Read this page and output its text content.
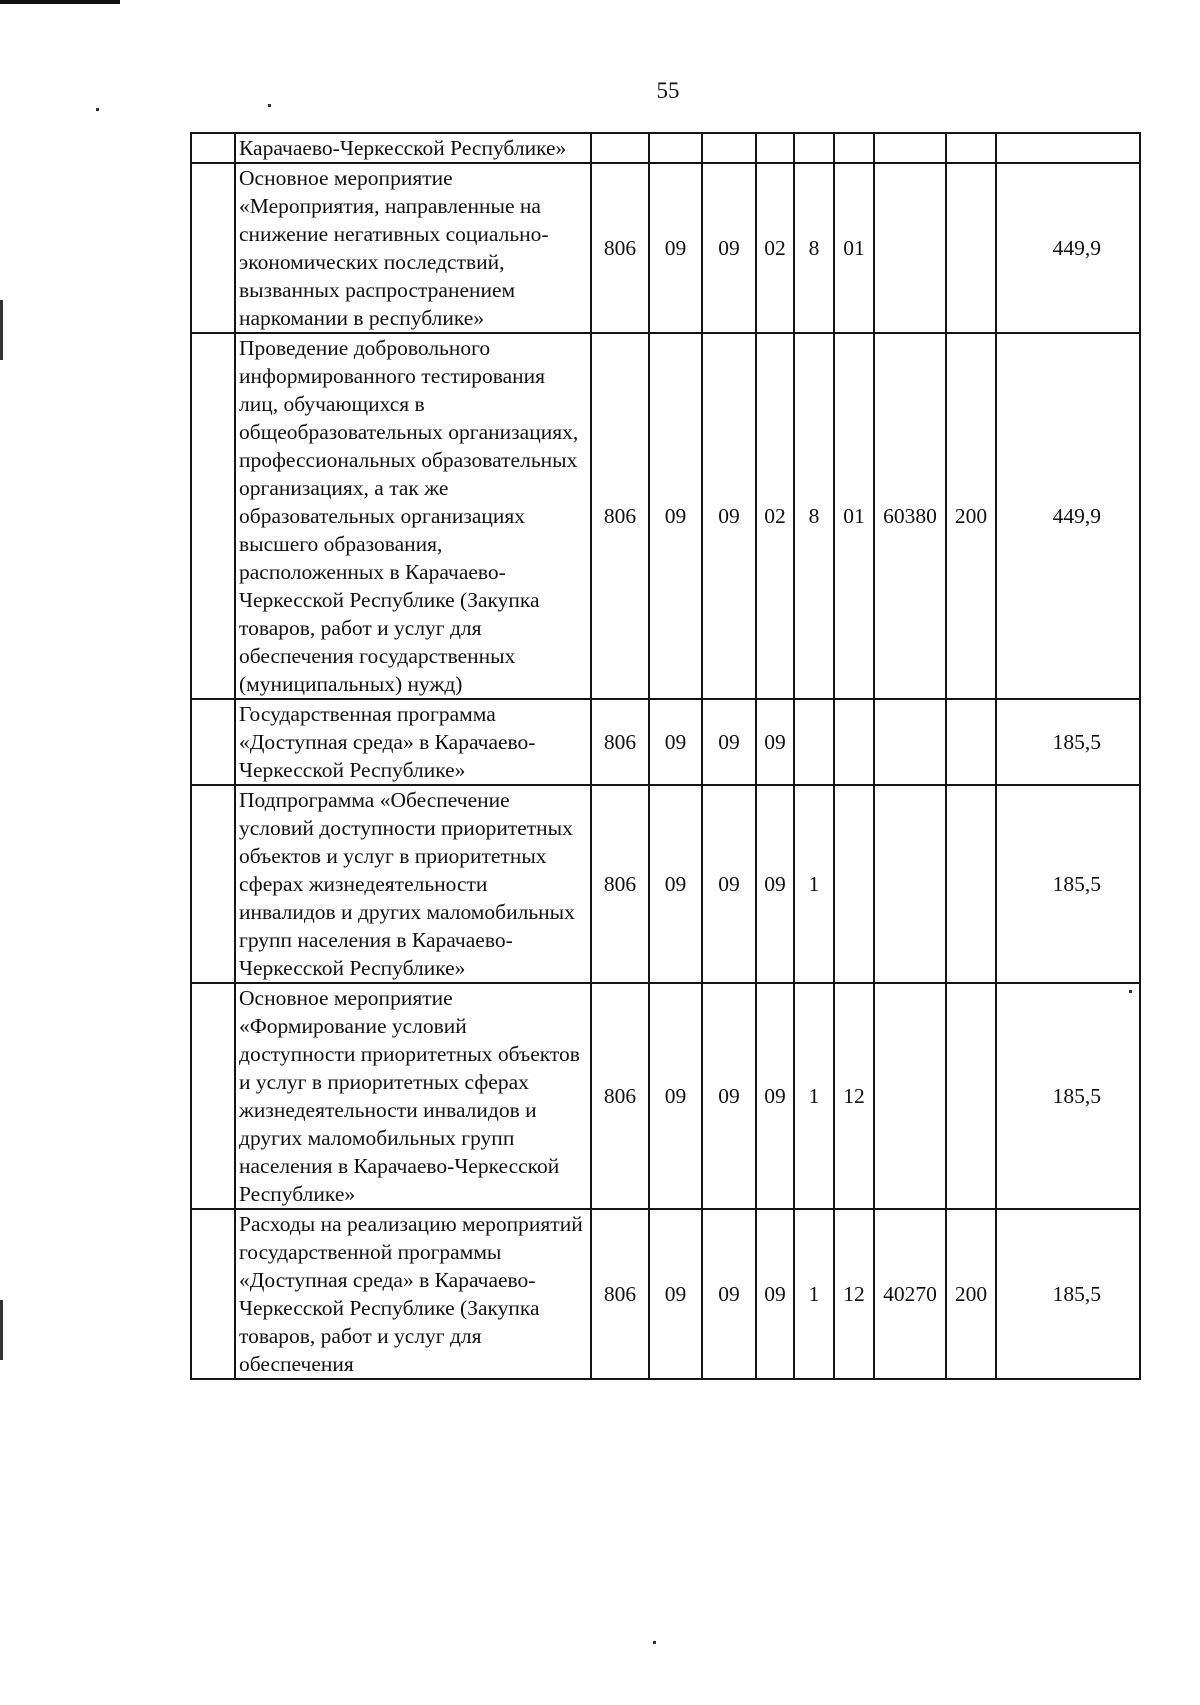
55
	Карачаево-Черкесской Республике»									
	Основное мероприятие «Мероприятия, направленные на снижение негативных социально-экономических последствий, вызванных распространением наркомании в республике»	806	09	09	02	8	01			449,9
	Проведение добровольного информированного тестирования лиц, обучающихся в общеобразовательных организациях, профессиональных образовательных организациях, а так же образовательных организациях высшего образования, расположенных в Карачаево-Черкесской Республике (Закупка товаров, работ и услуг для обеспечения государственных (муниципальных) нужд)	806	09	09	02	8	01	60380	200	449,9
	Государственная программа «Доступная среда» в Карачаево-Черкесской Республике»	806	09	09	09					185,5
	Подпрограмма «Обеспечение условий доступности приоритетных объектов и услуг в приоритетных сферах жизнедеятельности инвалидов и других маломобильных групп населения в Карачаево-Черкесской Республике»	806	09	09	09	1				185,5
	Основное мероприятие «Формирование условий доступности приоритетных объектов и услуг в приоритетных сферах жизнедеятельности инвалидов и других маломобильных групп населения в Карачаево-Черкесской Республике»	806	09	09	09	1	12			185,5
	Расходы на реализацию мероприятий государственной программы «Доступная среда» в Карачаево-Черкесской Республике (Закупка товаров, работ и услуг для обеспечения	806	09	09	09	1	12	40270	200	185,5
